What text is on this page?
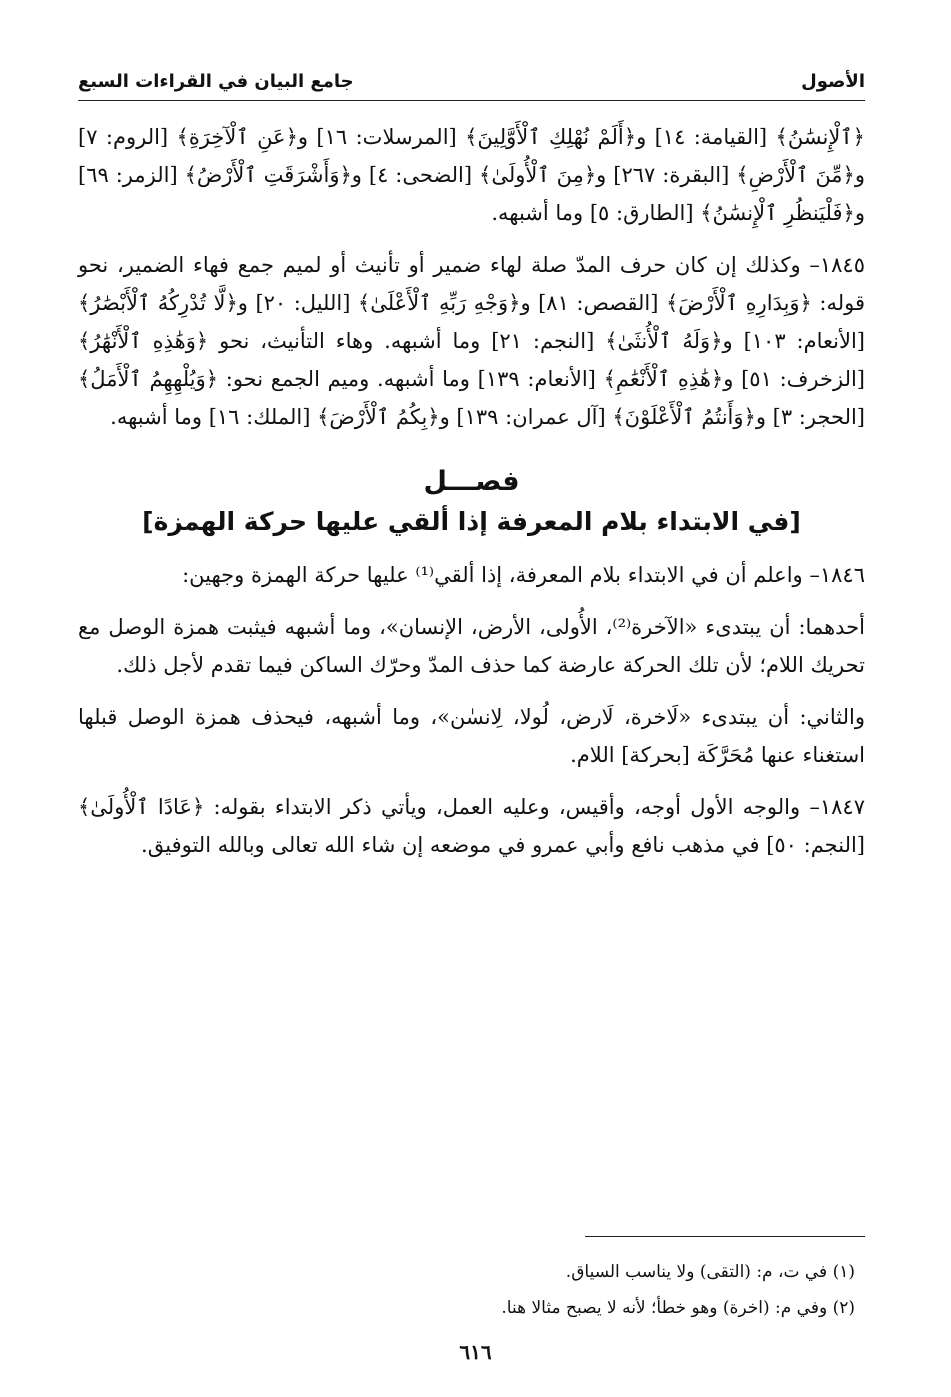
الأصول
جامع البيان في القراءات السبع

﴿ٱلْإِنسَٰنُ﴾ [القيامة: ١٤] و﴿أَلَمْ نُهْلِكِ ٱلْأَوَّلِينَ﴾ [المرسلات: ١٦] و﴿عَنِ ٱلْآخِرَةِ﴾ [الروم: ٧] و﴿مِّنَ ٱلْأَرْضِ﴾ [البقرة: ٢٦٧] و﴿مِنَ ٱلْأُولَىٰ﴾ [الضحى: ٤] و﴿وَأَشْرَقَتِ ٱلْأَرْضُ﴾ [الزمر: ٦٩] و﴿فَلْيَنظُرِ ٱلْإِنسَٰنُ﴾ [الطارق: ٥] وما أشبهه.

١٨٤٥– وكذلك إن كان حرف المدّ صلة لهاء ضمير أو تأنيث أو لميم جمع فهاء الضمير، نحو قوله: ﴿وَبِدَارِهِ ٱلْأَرْضَ﴾ [القصص: ٨١] و﴿وَجْهِ رَبِّهِ ٱلْأَعْلَىٰ﴾ [الليل: ٢٠] و﴿لَّا تُدْرِكُهُ ٱلْأَبْصَٰرُ﴾ [الأنعام: ١٠٣] و﴿وَلَهُ ٱلْأُنثَىٰ﴾ [النجم: ٢١] وما أشبهه. وهاء التأنيث، نحو ﴿وَهَٰذِهِ ٱلْأَنْهَٰرُ﴾ [الزخرف: ٥١] و﴿هَٰذِهِ ٱلْأَنْعَٰمِ﴾ [الأنعام: ١٣٩] وما أشبهه. وميم الجمع نحو: ﴿وَيُلْهِهِمُ ٱلْأَمَلُ﴾ [الحجر: ٣] و﴿وَأَنتُمُ ٱلْأَعْلَوْنَ﴾ [آل عمران: ١٣٩] و﴿بِكُمُ ٱلْأَرْضَ﴾ [الملك: ١٦] وما أشبهه.

فصـــل
[في الابتداء بلام المعرفة إذا ألقي عليها حركة الهمزة]

١٨٤٦– واعلم أن في الابتداء بلام المعرفة، إذا ألقي⁽¹⁾ عليها حركة الهمزة وجهين:

أحدهما: أن يبتدىء «الآخرة⁽²⁾، الأُولى، الأرض، الإنسان»، وما أشبهه فيثبت همزة الوصل مع تحريك اللام؛ لأن تلك الحركة عارضة كما حذف المدّ وحرّك الساكن فيما تقدم لأجل ذلك.

والثاني: أن يبتدىء «لَاخرة، لَارض، لُولا، لِانسٰن»، وما أشبهه، فيحذف همزة الوصل قبلها استغناء عنها مُحَرَّكَة [بحركة] اللام.

١٨٤٧– والوجه الأول أوجه، وأقيس، وعليه العمل، ويأتي ذكر الابتداء بقوله: ﴿عَادًا ٱلْأُولَىٰ﴾ [النجم: ٥٠] في مذهب نافع وأبي عمرو في موضعه إن شاء الله تعالى وبالله التوفيق.

(١) في ت، م: (التقى) ولا يناسب السياق.

(٢) وفي م: (اخرة) وهو خطأ؛ لأنه لا يصبح مثالا هنا.

٦١٦
